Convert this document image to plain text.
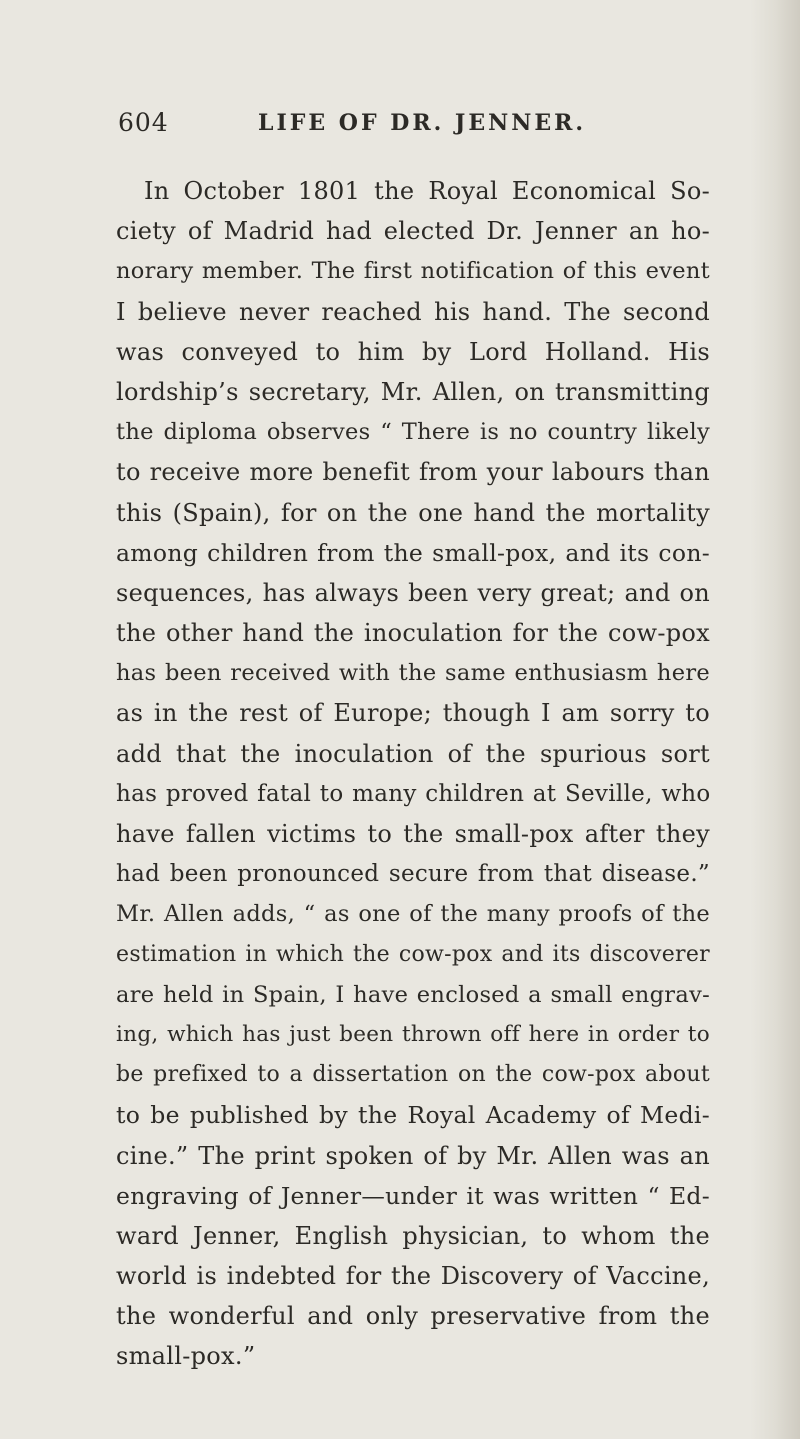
604	LIFE OF DR. JENNER.
In October 1801 the Royal Economical So-
ciety of Madrid had elected Dr. Jenner an ho-
norary member. The first notification of this event
I believe never reached his hand. The second
was conveyed to him by Lord Holland. His
lordship’s secretary, Mr. Allen, on transmitting
the diploma observes “ There is no country likely
to receive more benefit from your labours than
this (Spain), for on the one hand the mortality
among children from the small-pox, and its con-
sequences, has always been very great; and on
the other hand the inoculation for the cow-pox
has been received with the same enthusiasm here
as in the rest of Europe; though I am sorry to
add that the inoculation of the spurious sort
has proved fatal to many children at Seville, who
have fallen victims to the small-pox after they
had been pronounced secure from that disease.”
Mr. Allen adds, “ as one of the many proofs of the
estimation in which the cow-pox and its discoverer
are held in Spain, I have enclosed a small engrav-
ing, which has just been thrown off here in order to
be prefixed to a dissertation on the cow-pox about
to be published by the Royal Academy of Medi-
cine.” The print spoken of by Mr. Allen was an
engraving of Jenner—under it was written “ Ed-
ward Jenner, English physician, to whom the
world is indebted for the Discovery of Vaccine,
the wonderful and only preservative from the
small-pox.”
